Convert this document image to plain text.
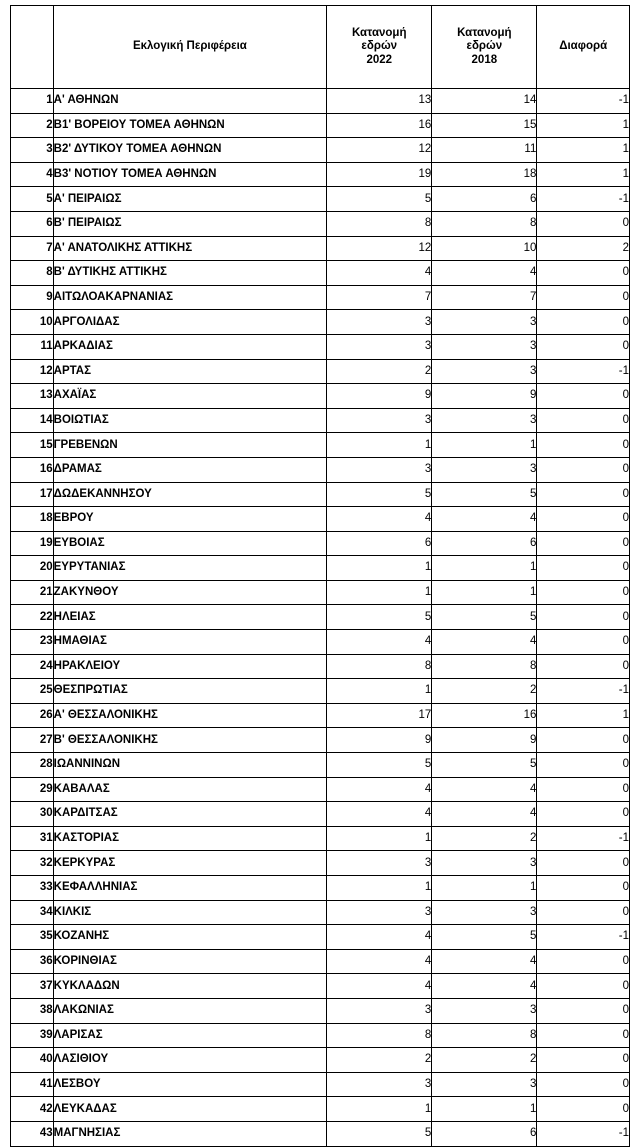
	Εκλογική Περιφέρεια	Κατανομή
εδρών
2022	Κατανομή
εδρών
2018	Διαφορά
1	Α' ΑΘΗΝΩΝ	13	14	-1
2	Β1' ΒΟΡΕΙΟΥ ΤΟΜΕΑ ΑΘΗΝΩΝ	16	15	1
3	Β2' ΔΥΤΙΚΟΥ ΤΟΜΕΑ ΑΘΗΝΩΝ	12	11	1
4	Β3' ΝΟΤΙΟΥ ΤΟΜΕΑ ΑΘΗΝΩΝ	19	18	1
5	Α' ΠΕΙΡΑΙΩΣ	5	6	-1
6	Β' ΠΕΙΡΑΙΩΣ	8	8	0
7	Α' ΑΝΑΤΟΛΙΚΗΣ ΑΤΤΙΚΗΣ	12	10	2
8	Β' ΔΥΤΙΚΗΣ ΑΤΤΙΚΗΣ	4	4	0
9	ΑΙΤΩΛΟΑΚΑΡΝΑΝΙΑΣ	7	7	0
10	ΑΡΓΟΛΙΔΑΣ	3	3	0
11	ΑΡΚΑΔΙΑΣ	3	3	0
12	ΑΡΤΑΣ	2	3	-1
13	ΑΧΑΪΑΣ	9	9	0
14	ΒΟΙΩΤΙΑΣ	3	3	0
15	ΓΡΕΒΕΝΩΝ	1	1	0
16	ΔΡΑΜΑΣ	3	3	0
17	ΔΩΔΕΚΑΝΝΗΣΟΥ	5	5	0
18	ΕΒΡΟΥ	4	4	0
19	ΕΥΒΟΙΑΣ	6	6	0
20	ΕΥΡΥΤΑΝΙΑΣ	1	1	0
21	ΖΑΚΥΝΘΟΥ	1	1	0
22	ΗΛΕΙΑΣ	5	5	0
23	ΗΜΑΘΙΑΣ	4	4	0
24	ΗΡΑΚΛΕΙΟΥ	8	8	0
25	ΘΕΣΠΡΩΤΙΑΣ	1	2	-1
26	Α' ΘΕΣΣΑΛΟΝΙΚΗΣ	17	16	1
27	Β' ΘΕΣΣΑΛΟΝΙΚΗΣ	9	9	0
28	ΙΩΑΝΝΙΝΩΝ	5	5	0
29	ΚΑΒΑΛΑΣ	4	4	0
30	ΚΑΡΔΙΤΣΑΣ	4	4	0
31	ΚΑΣΤΟΡΙΑΣ	1	2	-1
32	ΚΕΡΚΥΡΑΣ	3	3	0
33	ΚΕΦΑΛΛΗΝΙΑΣ	1	1	0
34	ΚΙΛΚΙΣ	3	3	0
35	ΚΟΖΑΝΗΣ	4	5	-1
36	ΚΟΡΙΝΘΙΑΣ	4	4	0
37	ΚΥΚΛΑΔΩΝ	4	4	0
38	ΛΑΚΩΝΙΑΣ	3	3	0
39	ΛΑΡΙΣΑΣ	8	8	0
40	ΛΑΣΙΘΙΟΥ	2	2	0
41	ΛΕΣΒΟΥ	3	3	0
42	ΛΕΥΚΑΔΑΣ	1	1	0
43	ΜΑΓΝΗΣΙΑΣ	5	6	-1
